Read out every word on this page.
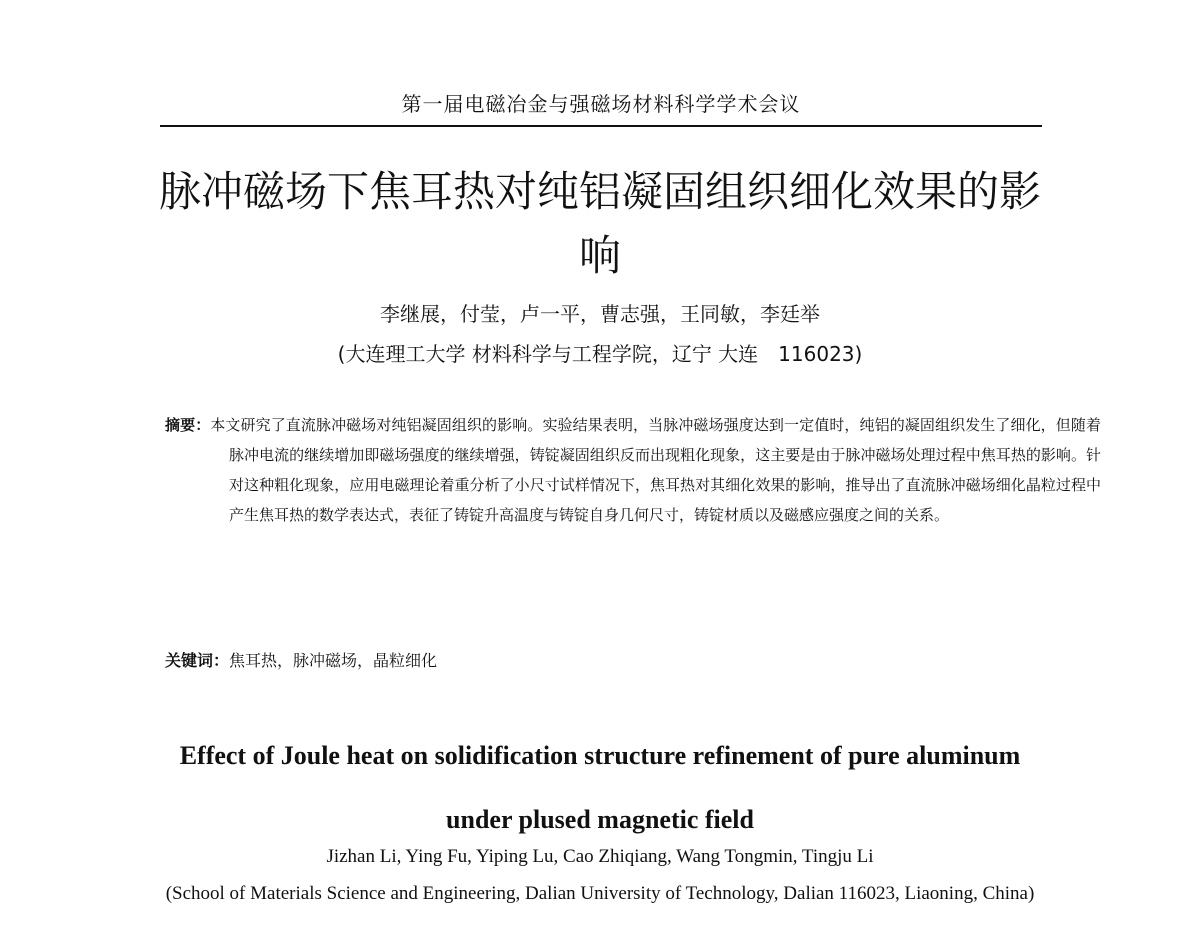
第一届电磁冶金与强磁场材料科学学术会议
脉冲磁场下焦耳热对纯铝凝固组织细化效果的影响
李继展，付莹，卢一平，曹志强，王同敏，李廷举
(大连理工大学 材料科学与工程学院，辽宁 大连　116023)
摘要：本文研究了直流脉冲磁场对纯铝凝固组织的影响。实验结果表明，当脉冲磁场强度达到一定值时，纯铝的凝固组织发生了细化，但随着脉冲电流的继续增加即磁场强度的继续增强，铸锭凝固组织反而出现粗化现象，这主要是由于脉冲磁场处理过程中焦耳热的影响。针对这种粗化现象，应用电磁理论着重分析了小尺寸试样情况下，焦耳热对其细化效果的影响，推导出了直流脉冲磁场细化晶粒过程中产生焦耳热的数学表达式，表征了铸锭升高温度与铸锭自身几何尺寸，铸锭材质以及磁感应强度之间的关系。
关键词：焦耳热，脉冲磁场，晶粒细化
Effect of Joule heat on solidification structure refinement of pure aluminum under plused magnetic field
Jizhan Li, Ying Fu, Yiping Lu, Cao Zhiqiang, Wang Tongmin, Tingju Li
(School of Materials Science and Engineering, Dalian University of Technology, Dalian 116023, Liaoning, China)
